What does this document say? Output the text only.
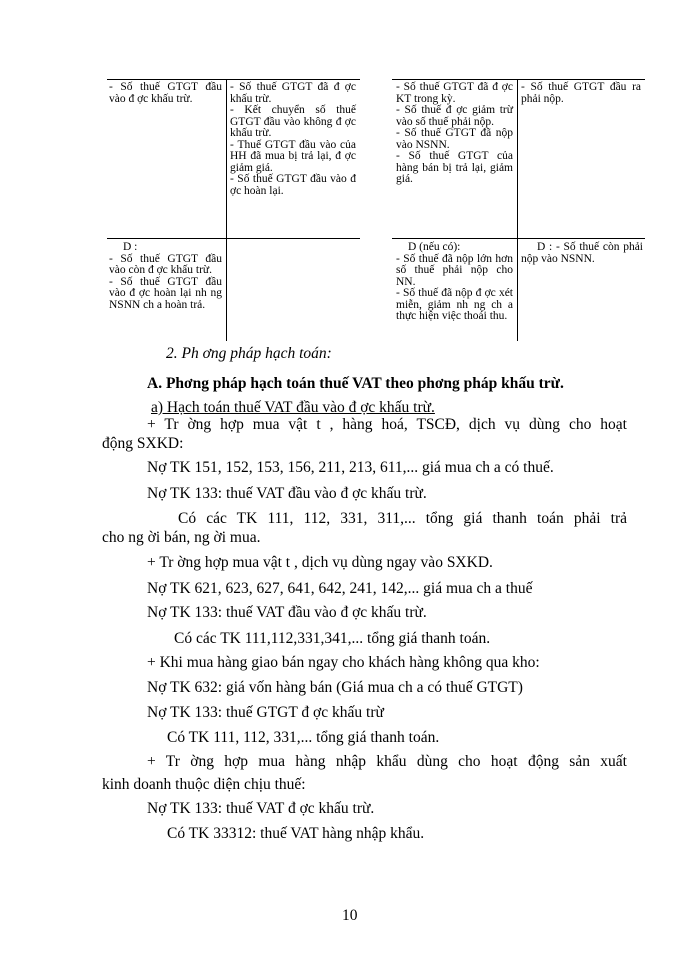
- Số thuế GTGT đầu vào đ ợc khấu trừ.
- Số thuế GTGT đã đ ợc khấu trừ.
- Kết chuyển số thuế GTGT đầu vào không đ ợc khấu trừ.
- Thuế GTGT đầu vào của HH đã mua bị trả lại, đ ợc giảm giá.
- Số thuế GTGT đầu vào đ ợc hoàn lại.
D :
- Số thuế GTGT đầu vào còn đ ợc khấu trừ.
- Số thuế GTGT đầu vào đ ợc hoàn lại nh ng NSNN ch a hoàn trả.
- Số thuế GTGT đã đ ợc KT trong kỳ.
- Số thuế đ ợc giảm trừ vào số thuế phải nộp.
- Số thuế GTGT đã nộp vào NSNN.
- Số thuế GTGT của hàng bán bị trả lại, giảm giá.
- Số thuế GTGT đầu ra phải nộp.
D (nếu có):
- Số thuế đã nộp lớn hơn số thuế phải nộp cho NN.
- Số thuế đã nộp đ ợc xét miễn, giảm nh ng ch a thực hiện việc thoái thu.
D : - Số thuế còn phải nộp vào NSNN.
2. Ph ơng pháp hạch toán:
A. Phơng pháp hạch toán thuế VAT theo phơng pháp khấu trừ.
a) Hạch toán thuế VAT đầu vào đ ợc khấu trừ.
+ Tr ờng hợp mua vật t , hàng hoá, TSCĐ, dịch vụ dùng cho hoạt
động SXKD:
Nợ TK 151, 152, 153, 156, 211, 213, 611,... giá mua ch a có thuế.
Nợ TK 133: thuế VAT đầu vào đ ợc khấu trừ.
Có các TK 111, 112, 331, 311,... tổng giá thanh toán phải trả
cho ng ời bán, ng ời mua.
+ Tr ờng hợp mua vật t , dịch vụ dùng ngay vào SXKD.
Nợ TK 621, 623, 627, 641, 642, 241, 142,... giá mua ch a thuế
Nợ TK 133: thuế VAT đầu vào đ ợc khấu trừ.
Có các TK 111,112,331,341,... tổng giá thanh toán.
+ Khi mua hàng giao bán ngay cho khách hàng không qua kho:
Nợ TK 632: giá vốn hàng bán (Giá mua ch a có thuế GTGT)
Nợ TK 133: thuế GTGT đ ợc khấu trừ
Có TK 111, 112, 331,... tổng giá thanh toán.
+ Tr ờng hợp mua hàng nhập khẩu dùng cho hoạt động sản xuất
kinh doanh thuộc diện chịu thuế:
Nợ TK 133: thuế VAT đ ợc khấu trừ.
Có TK 33312: thuế VAT hàng nhập khẩu.
10
